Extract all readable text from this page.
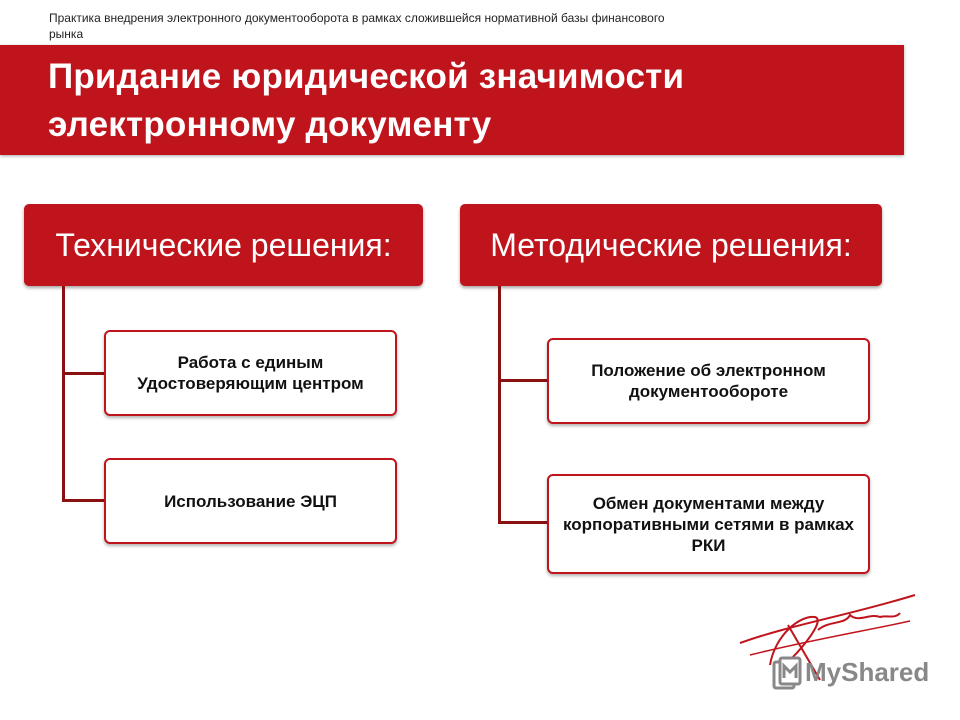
Практика внедрения электронного документооборота в рамках сложившейся нормативной базы финансового рынка
Придание юридической значимости электронному документу
Технические решения:	Методические решения:
Работа с единым Удостоверяющим центром
Использование ЭЦП
Положение об электронном документообороте
Обмен документами между корпоративными сетями в рамках РКИ
MyShared
